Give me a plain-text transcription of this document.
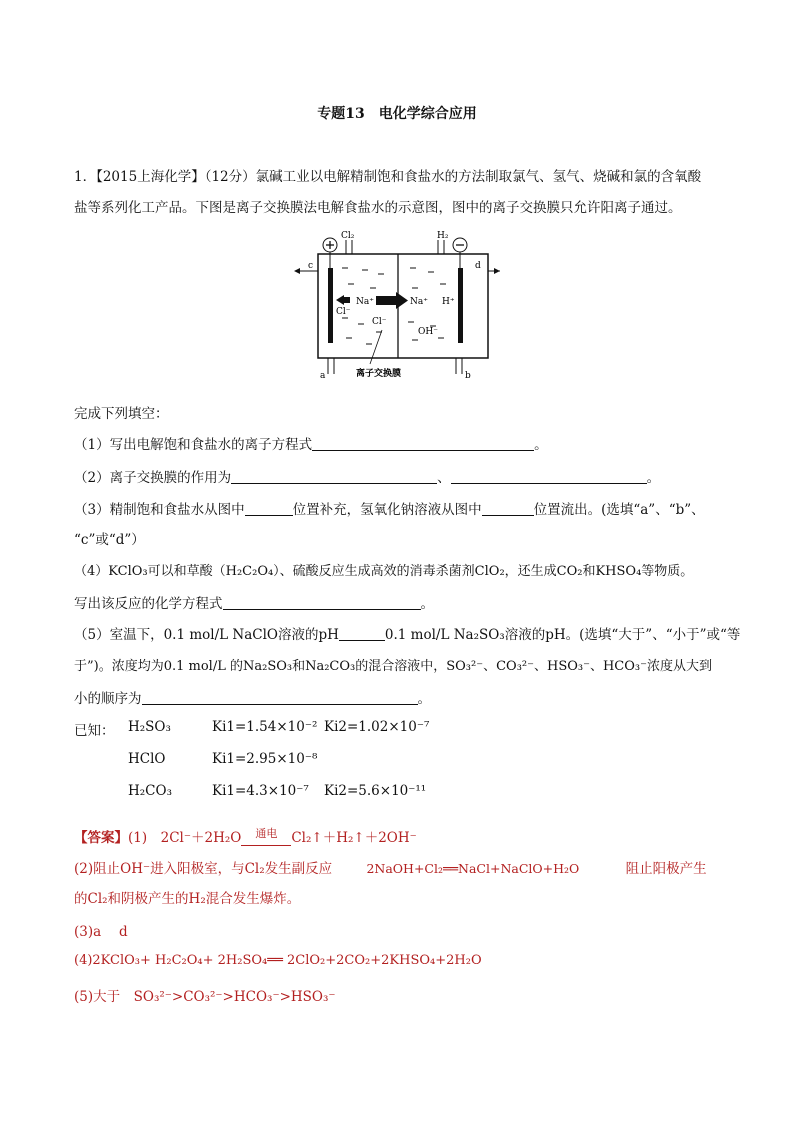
专题13　电化学综合应用
1．【2015上海化学】（12分）氯碱工业以电解精制饱和食盐水的方法制取氯气、氢气、烧碱和氯的含氧酸
盐等系列化工产品。下图是离子交换膜法电解食盐水的示意图，图中的离子交换膜只允许阳离子通过。
Cl₂	H₂
c	d
a	b
Cl⁻
Na⁺	Na⁺ H⁺
Cl⁻
OH⁻
离子交换膜
完成下列填空：
（1）写出电解饱和食盐水的离子方程式	。
（2）离子交换膜的作用为	、	。
（3）精制饱和食盐水从图中	位置补充，氢氧化钠溶液从图中	位置流出。(选填“a”、“b”、
“c”或“d”）
（4）KClO₃可以和草酸（H₂C₂O₄）、硫酸反应生成高效的消毒杀菌剂ClO₂，还生成CO₂和KHSO₄等物质。
写出该反应的化学方程式	。
（5）室温下，0.1 mol/L NaClO溶液的pH	0.1 mol/L Na₂SO₃溶液的pH。(选填“大于”、“小于”或“等
于”)。浓度均为0.1 mol/L 的Na₂SO₃和Na₂CO₃的混合溶液中，SO₃²⁻、CO₃²⁻、HSO₃⁻、HCO₃⁻浓度从大到
小的顺序为	。
已知： H₂SO₃	Ki1=1.54×10⁻² Ki2=1.02×10⁻⁷
HClO	Ki1=2.95×10⁻⁸
H₂CO₃	Ki1=4.3×10⁻⁷ Ki2=5.6×10⁻¹¹
【答案】(1)　2Cl⁻＋2H₂O	通电	Cl₂↑＋H₂↑＋2OH⁻
(2)阻止OH⁻进入阳极室，与Cl₂发生副反应	2NaOH+Cl₂══NaCl+NaClO+H₂O	阻止阳极产生
的Cl₂和阴极产生的H₂混合发生爆炸。
(3)a　 d
(4)2KClO₃+ H₂C₂O₄+ 2H₂SO₄══ 2ClO₂+2CO₂+2KHSO₄+2H₂O
(5)大于　SO₃²⁻>CO₃²⁻>HCO₃⁻>HSO₃⁻
